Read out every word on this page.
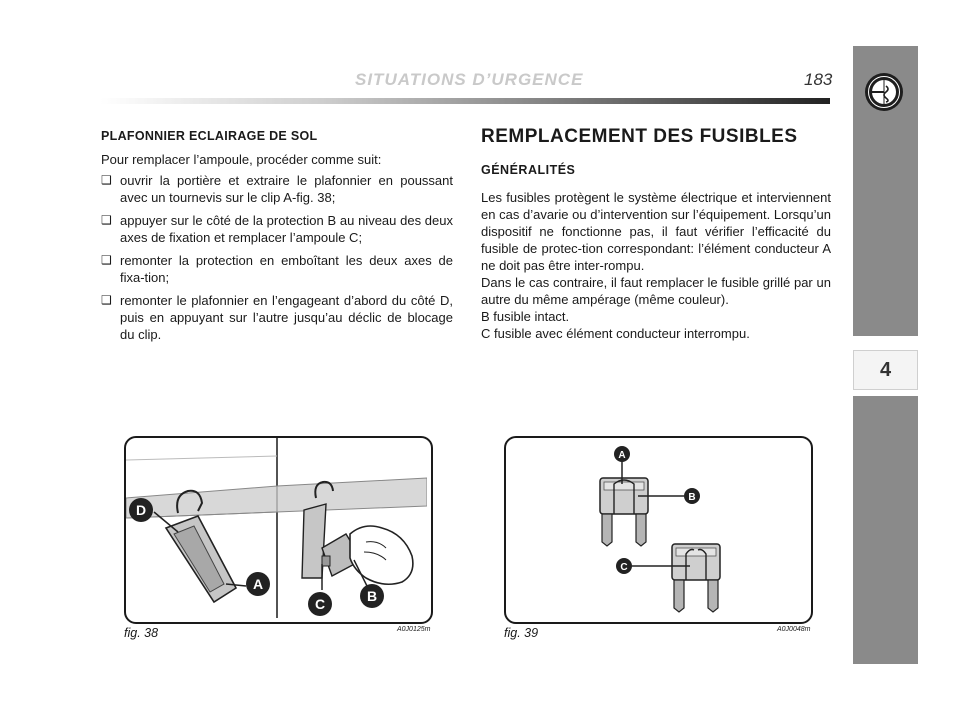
SITUATIONS D’URGENCE	183
4
PLAFONNIER ECLAIRAGE DE SOL
Pour remplacer l’ampoule, procéder comme suit:
❑ ouvrir la portière et extraire le plafonnier en poussant avec un tournevis sur le clip A-fig. 38;
❑ appuyer sur le côté de la protection B au niveau des deux axes de fixation et remplacer l’ampoule C;
❑ remonter la protection en emboîtant les deux axes de fixa-tion;
❑ remonter le plafonnier en l’engageant d’abord du côté D, puis en appuyant sur l’autre jusqu’au déclic de blocage du clip.
REMPLACEMENT DES FUSIBLES
GÉNÉRALITÉS

Les fusibles protègent le système électrique et interviennent en cas d’avarie ou d’intervention sur l’équipement. Lorsqu’un dispositif ne fonctionne pas, il faut vérifier l’efficacité du fusible de protec-tion correspondant: l’élément conducteur A ne doit pas être inter-rompu.

Dans le cas contraire, il faut remplacer le fusible grillé par un autre du même ampérage (même couleur).

B fusible intact.

C fusible avec élément conducteur interrompu.

D
A
C	B
fig. 38	A0J0125m
A
B
C
fig. 39	A0J0048m
